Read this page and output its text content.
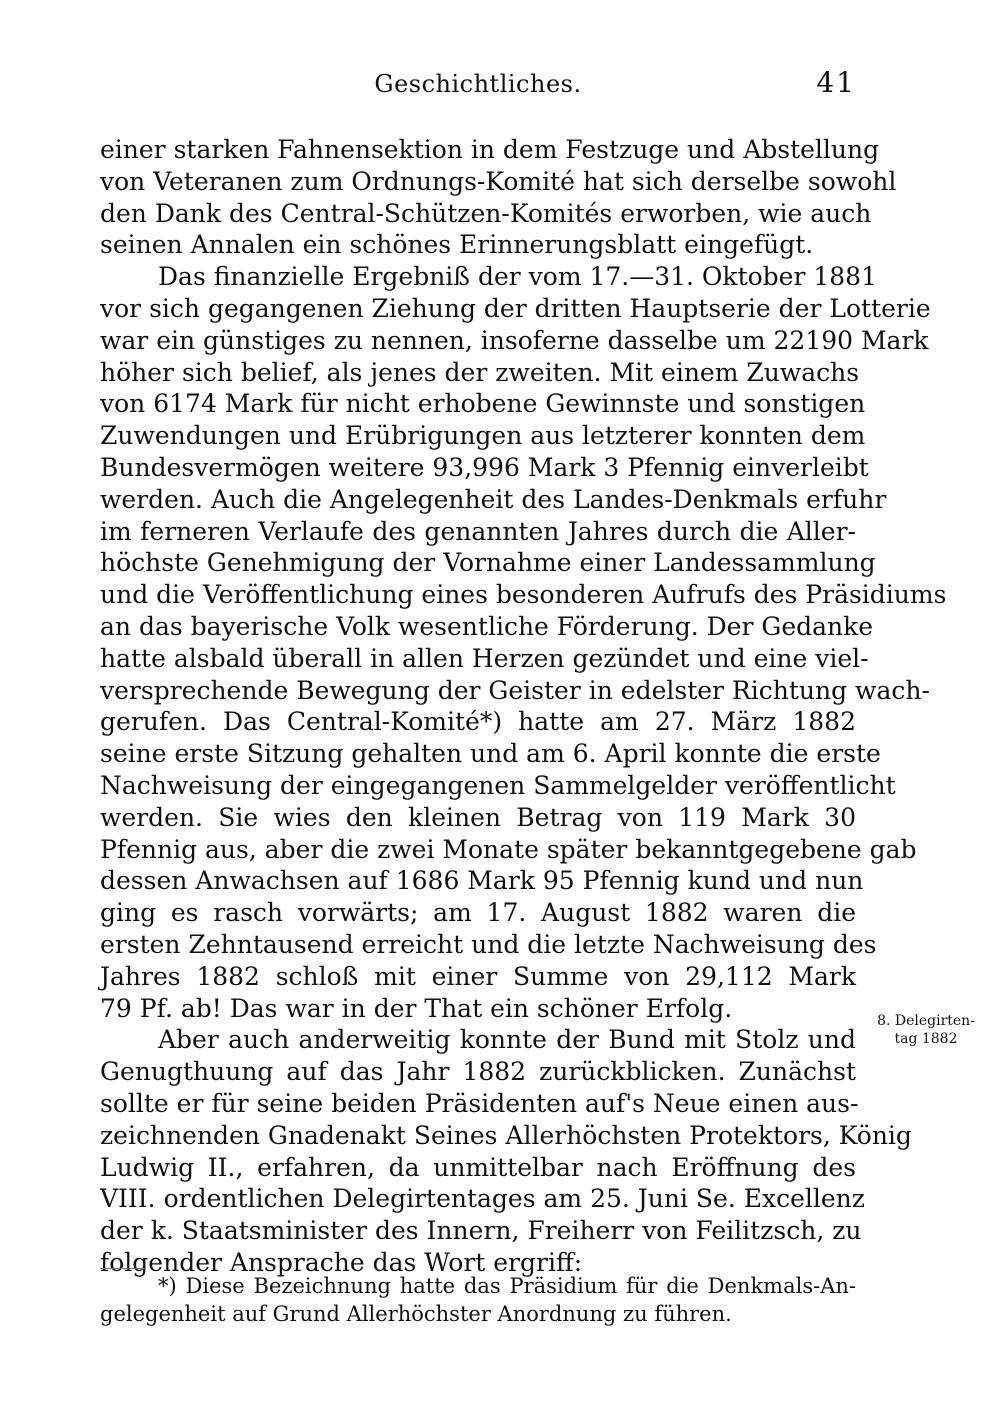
Geschichtliches.	41
einer starken Fahnensektion in dem Festzuge und Abstellung
von Veteranen zum Ordnungs-Komité hat sich derselbe sowohl
den Dank des Central-Schützen-Komités erworben, wie auch
seinen Annalen ein schönes Erinnerungsblatt eingefügt.
Das finanzielle Ergebniß der vom 17.—31. Oktober 1881
vor sich gegangenen Ziehung der dritten Hauptserie der Lotterie
war ein günstiges zu nennen, insoferne dasselbe um 22190 Mark
höher sich belief, als jenes der zweiten. Mit einem Zuwachs
von 6174 Mark für nicht erhobene Gewinnste und sonstigen
Zuwendungen und Erübrigungen aus letzterer konnten dem
Bundesvermögen weitere 93,996 Mark 3 Pfennig einverleibt
werden. Auch die Angelegenheit des Landes-Denkmals erfuhr
im ferneren Verlaufe des genannten Jahres durch die Aller-
höchste Genehmigung der Vornahme einer Landessammlung
und die Veröffentlichung eines besonderen Aufrufs des Präsidiums
an das bayerische Volk wesentliche Förderung. Der Gedanke
hatte alsbald überall in allen Herzen gezündet und eine viel-
versprechende Bewegung der Geister in edelster Richtung wach-
gerufen. Das Central-Komité*) hatte am 27. März 1882
seine erste Sitzung gehalten und am 6. April konnte die erste
Nachweisung der eingegangenen Sammelgelder veröffentlicht
werden. Sie wies den kleinen Betrag von 119 Mark 30
Pfennig aus, aber die zwei Monate später bekanntgegebene gab
dessen Anwachsen auf 1686 Mark 95 Pfennig kund und nun
ging es rasch vorwärts; am 17. August 1882 waren die
ersten Zehntausend erreicht und die letzte Nachweisung des
Jahres 1882 schloß mit einer Summe von 29,112 Mark
79 Pf. ab! Das war in der That ein schöner Erfolg.
Aber auch anderweitig konnte der Bund mit Stolz und
Genugthuung auf das Jahr 1882 zurückblicken. Zunächst
sollte er für seine beiden Präsidenten auf's Neue einen aus-
zeichnenden Gnadenakt Seines Allerhöchsten Protektors, König
Ludwig II., erfahren, da unmittelbar nach Eröffnung des
VIII. ordentlichen Delegirtentages am 25. Juni Se. Excellenz
der k. Staatsminister des Innern, Freiherr von Feilitzsch, zu
folgender Ansprache das Wort ergriff:
8. Delegirten-
tag 1882
*) Diese Bezeichnung hatte das Präsidium für die Denkmals-An-
gelegenheit auf Grund Allerhöchster Anordnung zu führen.
